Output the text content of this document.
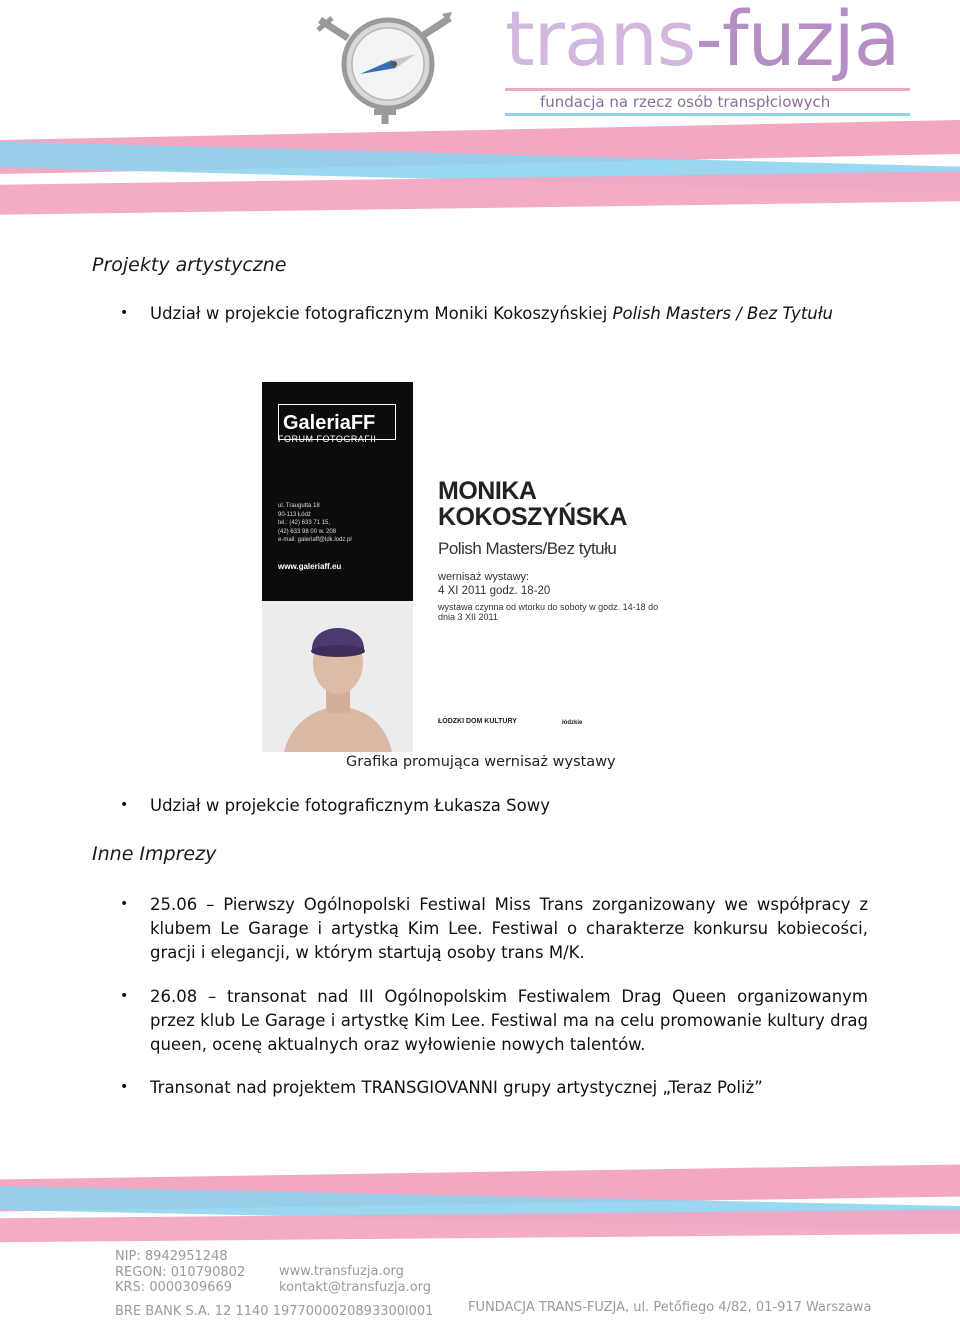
trans-fuzja
fundacja na rzecz osób transpłciowych
Projekty artystyczne
• Udział w projekcie fotograficznym Moniki Kokoszyńskiej Polish Masters / Bez Tytułu
GaleriaFF
FORUM FOTOGRAFII
ul. Traugutta 18
90-113 Łódź
tel.: (42) 633 71 15,
(42) 633 98 00 w. 208
e-mail: galeriaff@ldk.lodz.pl
www.galeriaff.eu
MONIKA
KOKOSZYŃSKA
Polish Masters/Bez tytułu
wernisaż wystawy:
4 XI 2011 godz. 18-20
wystawa czynna od wtorku do soboty w godz. 14-18 do dnia 3 XII 2011
ŁÓDZKI DOM KULTURY	łódzkie
Grafika promująca wernisaż wystawy
• Udział w projekcie fotograficznym Łukasza Sowy
Inne Imprezy
• 25.06 – Pierwszy Ogólnopolski Festiwal Miss Trans zorganizowany we współpracy z klubem Le Garage i artystką Kim Lee. Festiwal o charakterze konkursu kobiecości, gracji i elegancji, w którym startują osoby trans M/K.
• 26.08 – transonat nad III Ogólnopolskim Festiwalem Drag Queen organizowanym przez klub Le Garage i artystkę Kim Lee. Festiwal ma na celu promowanie kultury drag queen, ocenę aktualnych oraz wyłowienie nowych talentów.
• Transonat nad projektem TRANSGIOVANNI grupy artystycznej „Teraz Poliż”
NIP: 8942951248
REGON: 010790802
KRS: 0000309669
www.transfuzja.org
kontakt@transfuzja.org
BRE BANK S.A. 12 1140 1977000020893300l001	FUNDACJA TRANS-FUZJA, ul. Petőfiego 4/82, 01-917 Warszawa
